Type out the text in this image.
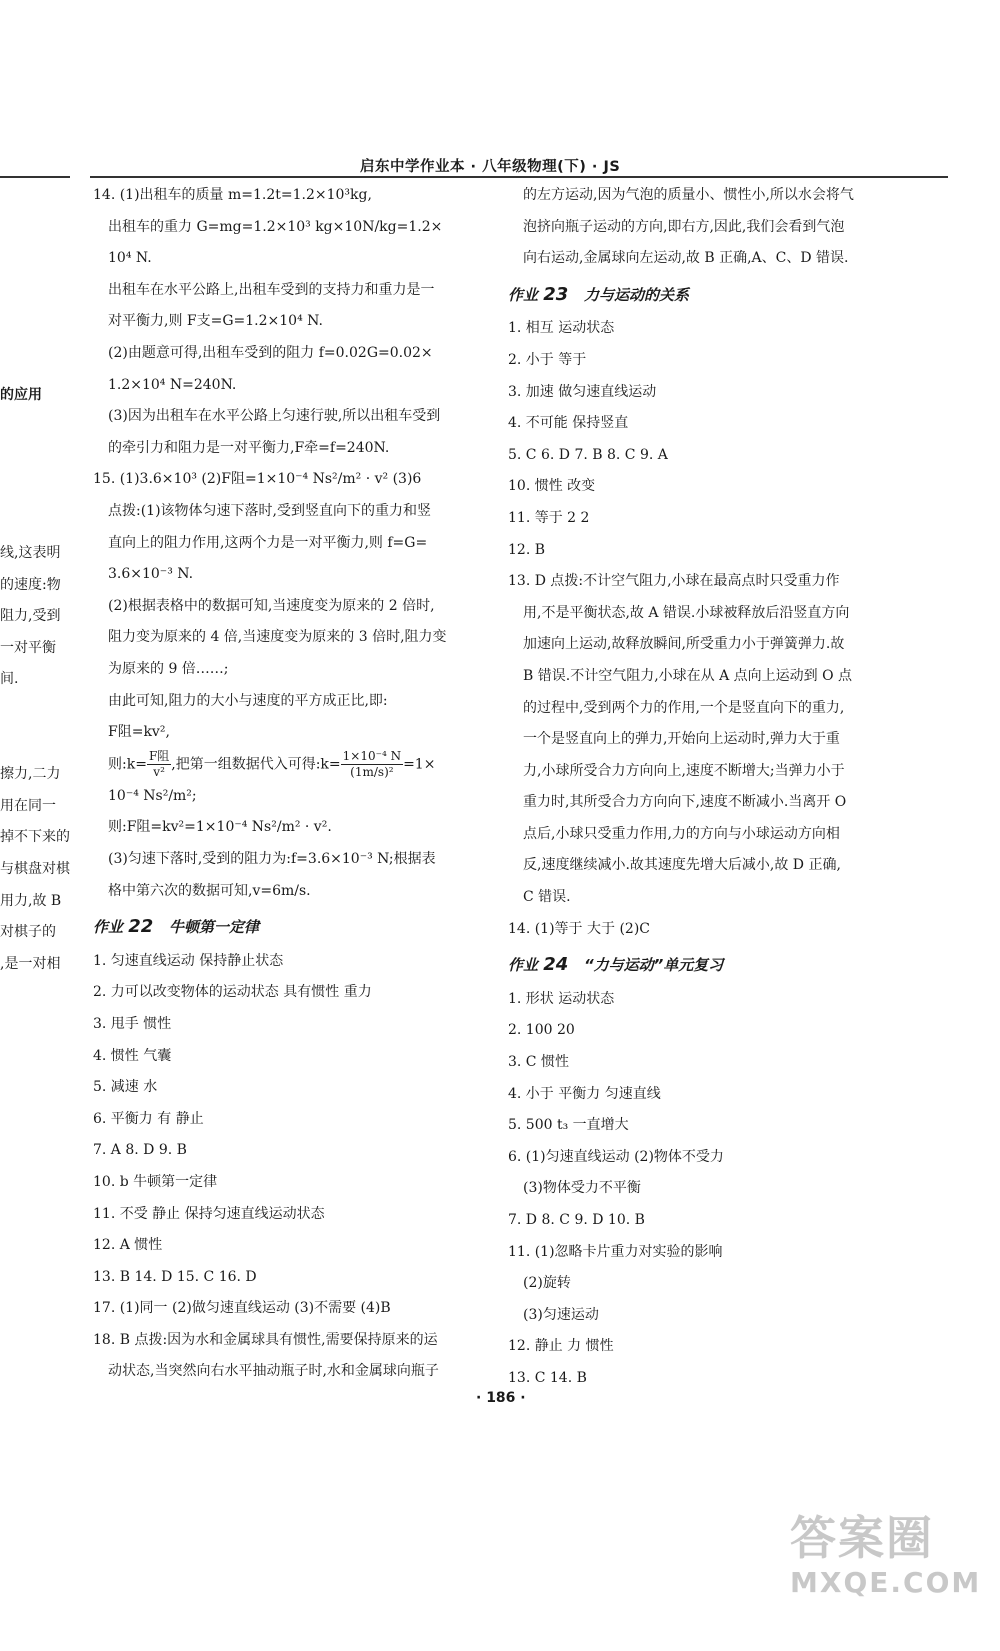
启东中学作业本 · 八年级物理(下) · JS

的应用

线,这表明

的速度:物

阻力,受到

一对平衡

间.

擦力,二力

用在同一

掉不下来的

与棋盘对棋

用力,故 B

对棋子的

,是一对相

14. (1)出租车的质量 m=1.2t=1.2×10³kg,

出租车的重力 G=mg=1.2×10³ kg×10N/kg=1.2×

10⁴ N.

出租车在水平公路上,出租车受到的支持力和重力是一

对平衡力,则 F支=G=1.2×10⁴ N.

(2)由题意可得,出租车受到的阻力 f=0.02G=0.02×

1.2×10⁴ N=240N.

(3)因为出租车在水平公路上匀速行驶,所以出租车受到

的牵引力和阻力是一对平衡力,F牵=f=240N.

15. (1)3.6×10³ (2)F阻=1×10⁻⁴ Ns²/m² · v² (3)6

点拨:(1)该物体匀速下落时,受到竖直向下的重力和竖

直向上的阻力作用,这两个力是一对平衡力,则 f=G=

3.6×10⁻³ N.

(2)根据表格中的数据可知,当速度变为原来的 2 倍时,

阻力变为原来的 4 倍,当速度变为原来的 3 倍时,阻力变

为原来的 9 倍……;

由此可知,阻力的大小与速度的平方成正比,即:

F阻=kv²,

则:k= $\frac{\text{F阻}}{\text{v²}}$ ,把第一组数据代入可得:k= $\frac{\text{1×10⁻⁴ N}}{\text{(1m/s)²}} =1\times$

10⁻⁴ Ns²/m²;

则:F阻=kv²=1×10⁻⁴ Ns²/m² · v².

(3)匀速下落时,受到的阻力为:f=3.6×10⁻³ N;根据表

格中第六次的数据可知,v=6m/s.

作业 22 牛顿第一定律

1. 匀速直线运动 保持静止状态

2. 力可以改变物体的运动状态 具有惯性 重力

3. 甩手 惯性

4. 惯性 气囊

5. 减速 水

6. 平衡力 有 静止

7. A 8. D 9. B

10. b 牛顿第一定律

11. 不受 静止 保持匀速直线运动状态

12. A 惯性

13. B 14. D 15. C 16. D

17. (1)同一 (2)做匀速直线运动 (3)不需要 (4)B

18. B 点拨:因为水和金属球具有惯性,需要保持原来的运

动状态,当突然向右水平抽动瓶子时,水和金属球向瓶子

的左方运动,因为气泡的质量小、惯性小,所以水会将气

泡挤向瓶子运动的方向,即右方,因此,我们会看到气泡

向右运动,金属球向左运动,故 B 正确,A、C、D 错误.

作业 23 力与运动的关系

1. 相互 运动状态

2. 小于 等于

3. 加速 做匀速直线运动

4. 不可能 保持竖直

5. C 6. D 7. B 8. C 9. A

10. 惯性 改变

11. 等于 2 2

12. B

13. D 点拨:不计空气阻力,小球在最高点时只受重力作

用,不是平衡状态,故 A 错误.小球被释放后沿竖直方向

加速向上运动,故释放瞬间,所受重力小于弹簧弹力.故

B 错误.不计空气阻力,小球在从 A 点向上运动到 O 点

的过程中,受到两个力的作用,一个是竖直向下的重力,

一个是竖直向上的弹力,开始向上运动时,弹力大于重

力,小球所受合力方向向上,速度不断增大;当弹力小于

重力时,其所受合力方向向下,速度不断减小.当离开 O

点后,小球只受重力作用,力的方向与小球运动方向相

反,速度继续减小.故其速度先增大后减小,故 D 正确,

C 错误.

14. (1)等于 大于 (2)C

作业 24 “力与运动”单元复习

1. 形状 运动状态

2. 100 20

3. C 惯性

4. 小于 平衡力 匀速直线

5. 500 t₃ 一直增大

6. (1)匀速直线运动 (2)物体不受力

(3)物体受力不平衡

7. D 8. C 9. D 10. B

11. (1)忽略卡片重力对实验的影响

(2)旋转

(3)匀速运动

12. 静止 力 惯性

13. C 14. B

· 186 ·
答案圈
MXQE.COM
